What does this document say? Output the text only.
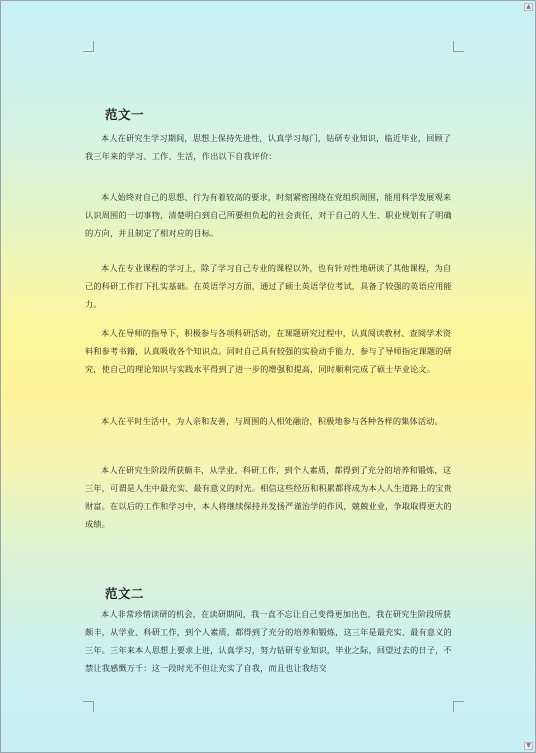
▲
▼
范文一

本人在研究生学习期间，思想上保持先进性，认真学习每门，钻研专业知识，临近毕业，回顾了我三年来的学习、工作、生活，作出以下自我评价：

本人始终对自己的思想、行为有着较高的要求，时刻紧密围绕在党组织周围，能用科学发展观来认识周围的一切事物，清楚明白到自己所要担负起的社会责任，对于自己的人生、职业规划有了明确的方向，并且制定了相对应的目标。

本人在专业课程的学习上，除了学习自己专业的课程以外，也有针对性地研读了其他课程，为自己的科研工作打下扎实基础。在英语学习方面，通过了硕士英语学位考试，具备了较强的英语应用能力。

本人在导师的指导下，积极参与各项科研活动，在课题研究过程中，认真阅读教材、查阅学术资料和参考书籍，认真吸收各个知识点。同时自己具有较强的实验动手能力，参与了导师指定课题的研究，使自己的理论知识与实践水平得到了进一步的增强和提高，同时顺利完成了硕士毕业论文。

本人在平时生活中，为人亲和友善，与周围的人相处融洽，积极地参与各种各样的集体活动。

本人在研究生阶段所获颇丰，从学业、科研工作，到个人素质，都得到了充分的培养和锻炼，这三年，可谓是人生中最充实、最有意义的时光。相信这些经历和积累都将成为本人人生道路上的宝贵财富。在以后的工作和学习中，本人将继续保持并发扬严谨治学的作风，兢兢业业，争取取得更大的成绩。

范文二

本人非常珍惜读研的机会，在读研期间，我一直不忘让自己变得更加出色，我在研究生阶段所获颇丰，从学业、科研工作，到个人素质，都得到了充分的培养和锻炼，这三年是最充实、最有意义的三年。三年来本人思想上要求上进，认真学习，努力钻研专业知识，毕业之际，回望过去的日子，不禁让我感慨万千：这一段时光不但让充实了自我，而且也让我结交
